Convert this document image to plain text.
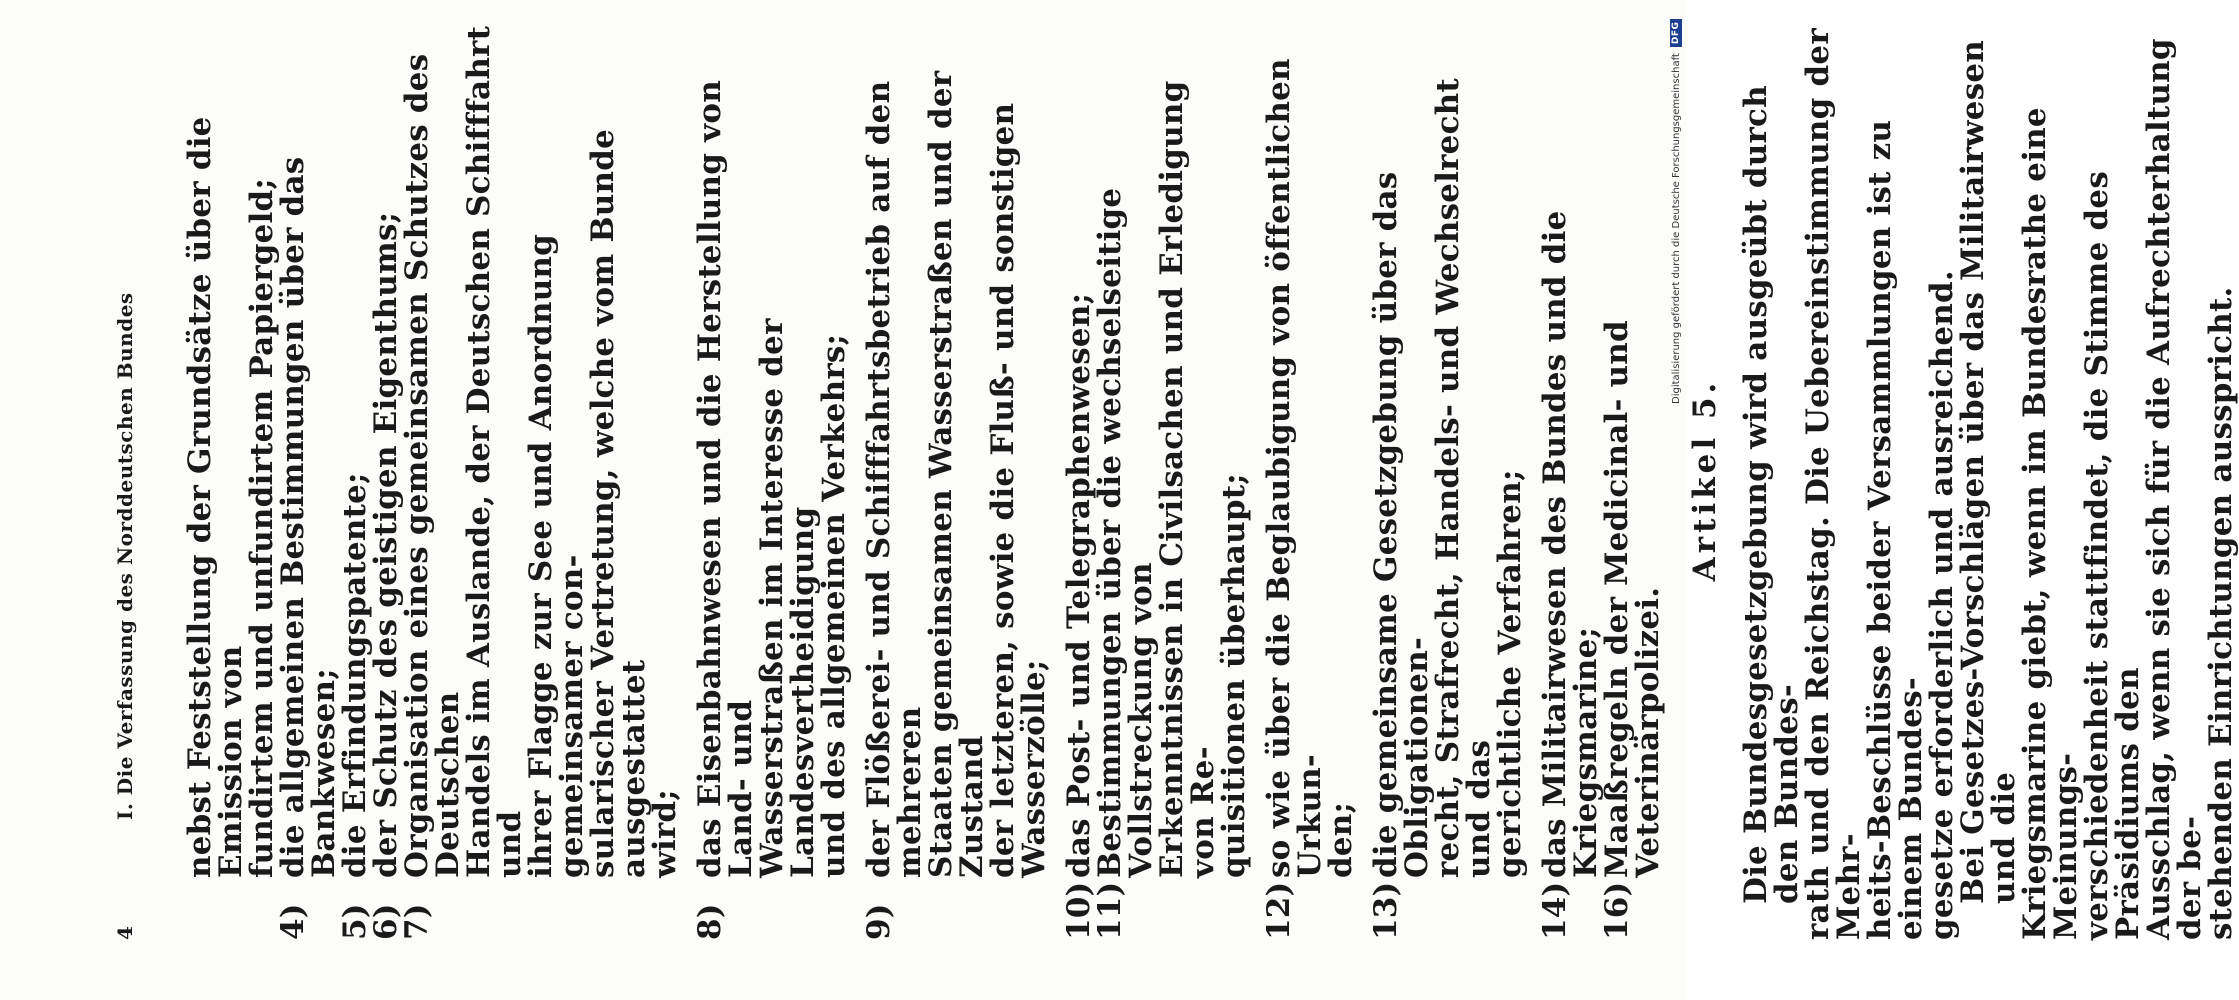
4
I. Die Verfassung des Norddeutschen Bundes nebst Feststellung der Grundsätze über die Emission von
fundirtem und unfundirtem Papiergeld;
4)
die allgemeinen Bestimmungen über das Bankwesen;
5)
die Erfindungspatente;
6)
der Schutz des geistigen Eigenthums;
7)
Organisation eines gemeinsamen Schutzes des Deutschen
Handels im Auslande, der Deutschen Schifffahrt und
ihrer Flagge zur See und Anordnung gemeinsamer con-
sularischer Vertretung, welche vom Bunde ausgestattet
wird;
8)
das Eisenbahnwesen und die Herstellung von Land- und
Wasserstraßen im Interesse der Landesvertheidigung
und des allgemeinen Verkehrs;
9)
der Flößerei- und Schifffahrtsbetrieb auf den mehreren
Staaten gemeinsamen Wasserstraßen und der Zustand
der letzteren, sowie die Fluß- und sonstigen Wasserzölle;
10)
das Post- und Telegraphenwesen;
11)
Bestimmungen über die wechselseitige Vollstreckung von
Erkenntnissen in Civilsachen und Erledigung von Re-
quisitionen überhaupt;
12)
so wie über die Beglaubigung von öffentlichen Urkun-
den;
13)
die gemeinsame Gesetzgebung über das Obligationen-
recht, Strafrecht, Handels- und Wechselrecht und das
gerichtliche Verfahren;
14)
das Militairwesen des Bundes und die Kriegsmarine;
16)
Maaßregeln der Medicinal- und Veterinärpolizei.
Artikel 5. Die Bundesgesetzgebung wird ausgeübt durch den Bundes-
rath und den Reichstag. Die Uebereinstimmung der Mehr-
heits-Beschlüsse beider Versammlungen ist zu einem Bundes-
gesetze erforderlich und ausreichend.
Bei Gesetzes-Vorschlägen über das Militairwesen und die
Kriegsmarine giebt, wenn im Bundesrathe eine Meinungs-
verschiedenheit stattfindet, die Stimme des Präsidiums den
Ausschlag, wenn sie sich für die Aufrechterhaltung der be-
stehenden Einrichtungen ausspricht.
Digitalisierung gefördert durch die Deutsche Forschungsgemeinschaft
DFG
